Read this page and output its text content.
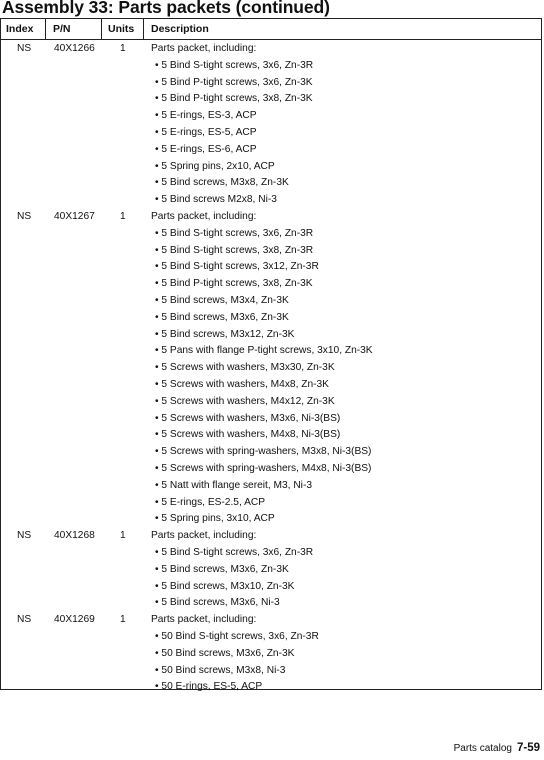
Assembly 33: Parts packets (continued)
Index P/N	Units Description
NS 40X1266 1 Parts packet, including:
• 5 Bind S-tight screws, 3x6, Zn-3R
• 5 Bind P-tight screws, 3x6, Zn-3K
• 5 Bind P-tight screws, 3x8, Zn-3K
• 5 E-rings, ES-3, ACP
• 5 E-rings, ES-5, ACP
• 5 E-rings, ES-6, ACP
• 5 Spring pins, 2x10, ACP
• 5 Bind screws, M3x8, Zn-3K
• 5 Bind screws M2x8, Ni-3
NS 40X1267 1 Parts packet, including:
• 5 Bind S-tight screws, 3x6, Zn-3R
• 5 Bind S-tight screws, 3x8, Zn-3R
• 5 Bind S-tight screws, 3x12, Zn-3R
• 5 Bind P-tight screws, 3x8, Zn-3K
• 5 Bind screws, M3x4, Zn-3K
• 5 Bind screws, M3x6, Zn-3K
• 5 Bind screws, M3x12, Zn-3K
• 5 Pans with flange P-tight screws, 3x10, Zn-3K
• 5 Screws with washers, M3x30, Zn-3K
• 5 Screws with washers, M4x8, Zn-3K
• 5 Screws with washers, M4x12, Zn-3K
• 5 Screws with washers, M3x6, Ni-3(BS)
• 5 Screws with washers, M4x8, Ni-3(BS)
• 5 Screws with spring-washers, M3x8, Ni-3(BS)
• 5 Screws with spring-washers, M4x8, Ni-3(BS)
• 5 Natt with flange sereit, M3, Ni-3
• 5 E-rings, ES-2.5, ACP
• 5 Spring pins, 3x10, ACP
NS 40X1268 1 Parts packet, including:
• 5 Bind S-tight screws, 3x6, Zn-3R
• 5 Bind screws, M3x6, Zn-3K
• 5 Bind screws, M3x10, Zn-3K
• 5 Bind screws, M3x6, Ni-3
NS 40X1269 1 Parts packet, including:
• 50 Bind S-tight screws, 3x6, Zn-3R
• 50 Bind screws, M3x6, Zn-3K
• 50 Bind screws, M3x8, Ni-3
• 50 E-rings, ES-5, ACP
Parts catalog 7-59
